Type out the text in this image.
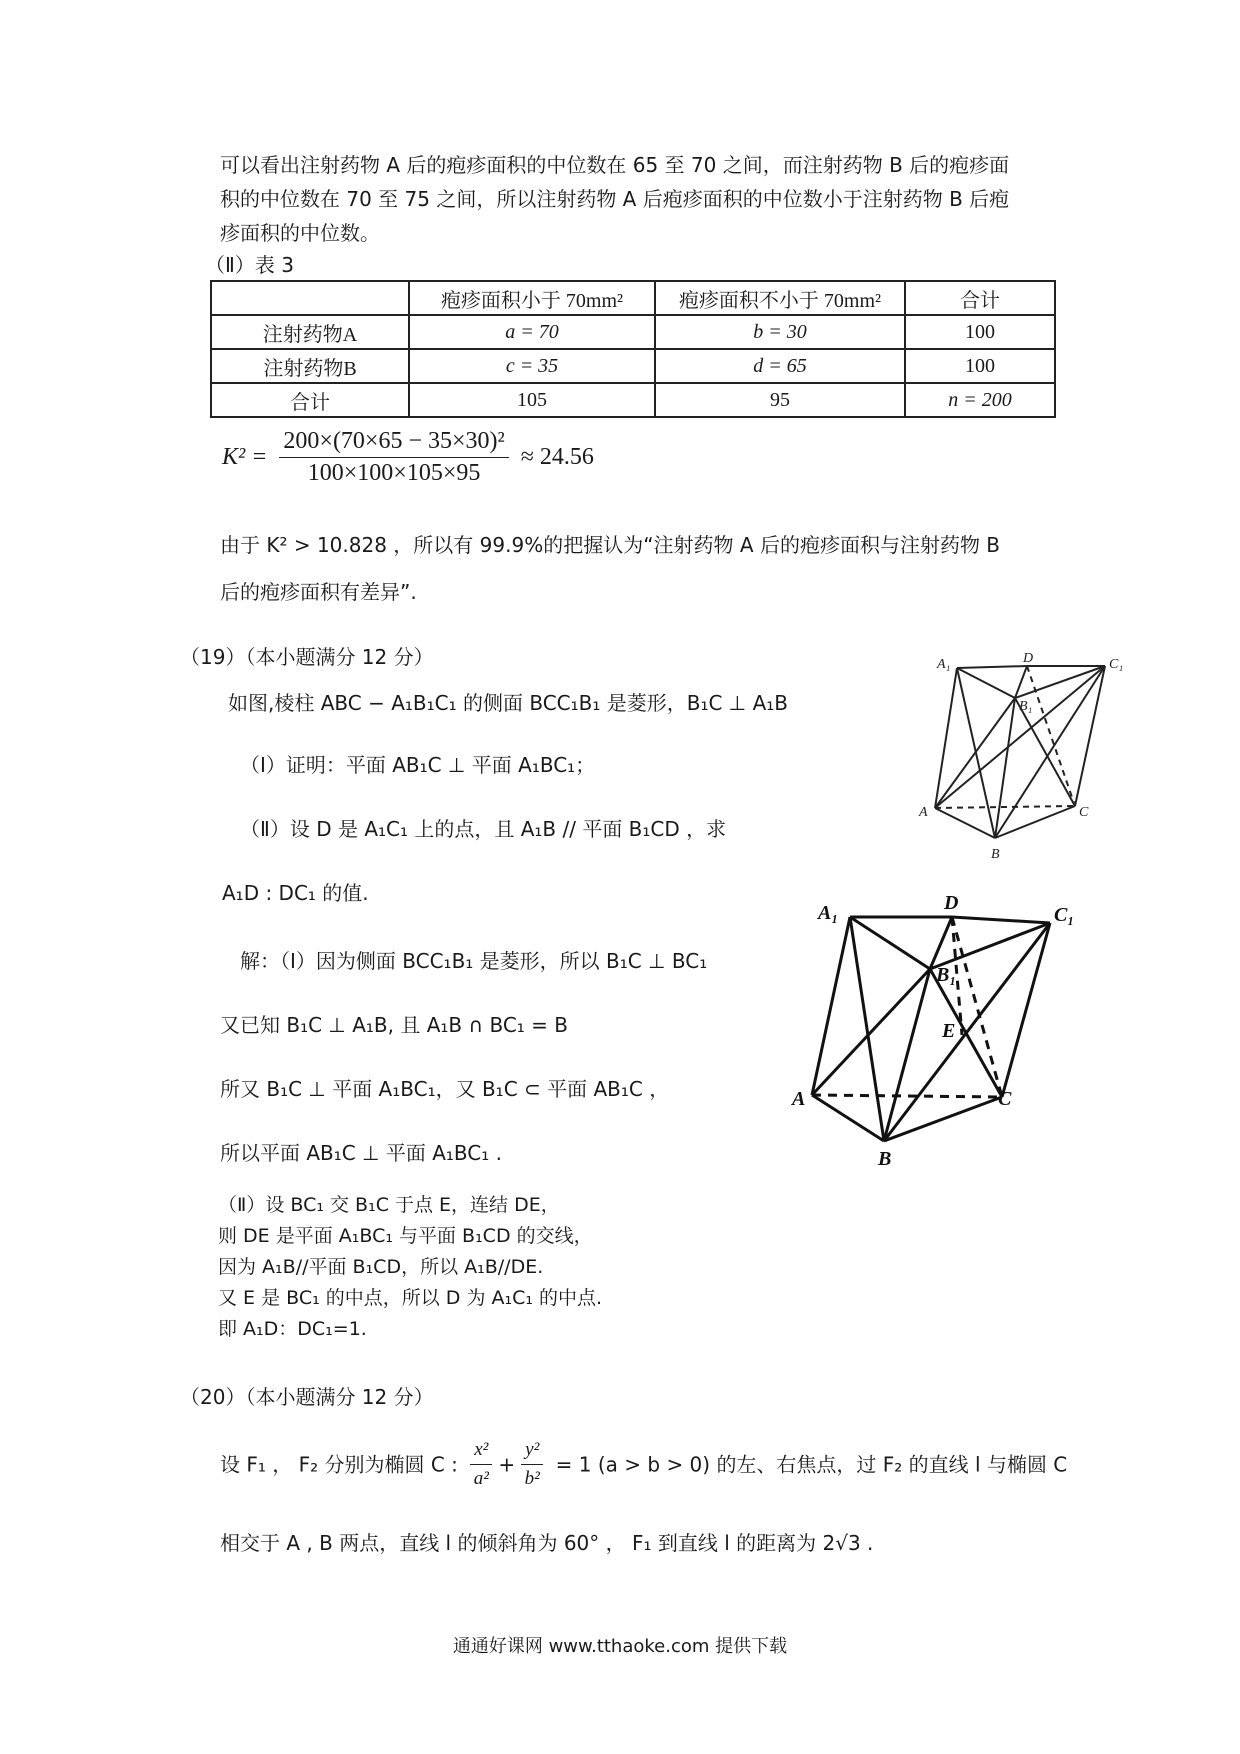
可以看出注射药物 A 后的疱疹面积的中位数在 65 至 70 之间，而注射药物 B 后的疱疹面
积的中位数在 70 至 75 之间，所以注射药物 A 后疱疹面积的中位数小于注射药物 B 后疱
疹面积的中位数。
（Ⅱ）表 3
	疱疹面积小于 70mm²	疱疹面积不小于 70mm²	合计
注射药物A	a = 70	b = 30	100
注射药物B	c = 35	d = 65	100
合计	105	95	n = 200
$K^2 = \frac{\text{200×(70×65 − 35×30)²}}{100\times 100\times 105\times 95} \approx 24.56$
由于 K² > 10.828 ，所以有 99.9%的把握认为“注射药物 A 后的疱疹面积与注射药物 B
后的疱疹面积有差异”.
（19）（本小题满分 12 分）
如图,棱柱 ABC − A₁B₁C₁ 的侧面 BCC₁B₁ 是菱形，B₁C ⊥ A₁B
（Ⅰ）证明：平面 AB₁C ⊥ 平面 A₁BC₁；
（Ⅱ）设 D 是 A₁C₁ 上的点，且 A₁B // 平面 B₁CD ，求
A₁D : DC₁ 的值.
解：（Ⅰ）因为侧面 BCC₁B₁ 是菱形，所以 B₁C ⊥ BC₁
又已知 B₁C ⊥ A₁B, 且 A₁B ∩ BC₁ = B
所又 B₁C ⊥ 平面 A₁BC₁，又 B₁C ⊂ 平面 AB₁C ，
所以平面 AB₁C ⊥ 平面 A₁BC₁ .
（Ⅱ）设 BC₁ 交 B₁C 于点 E，连结 DE，
则 DE 是平面 A₁BC₁ 与平面 B₁CD 的交线，
因为 A₁B//平面 B₁CD，所以 A₁B//DE.
又 E 是 BC₁ 的中点，所以 D 为 A₁C₁ 的中点.
即 A₁D：DC₁=1.
A₁	D	C₁
B₁
A	C
B
A₁	D
C₁
B₁
E
A	C
B
（20）（本小题满分 12 分）
设 F₁ ， F₂ 分别为椭圆 C : $\frac{\text{x²}}{\text{a²}} + \frac{\text{y²}}{\text{b²}} = 1$ (a > b > 0) 的左、右焦点，过 F₂ 的直线 l 与椭圆 C
相交于 A , B 两点，直线 l 的倾斜角为 60° ， F₁ 到直线 l 的距离为 2√3 .
通通好课网 www.tthaoke.com 提供下载
